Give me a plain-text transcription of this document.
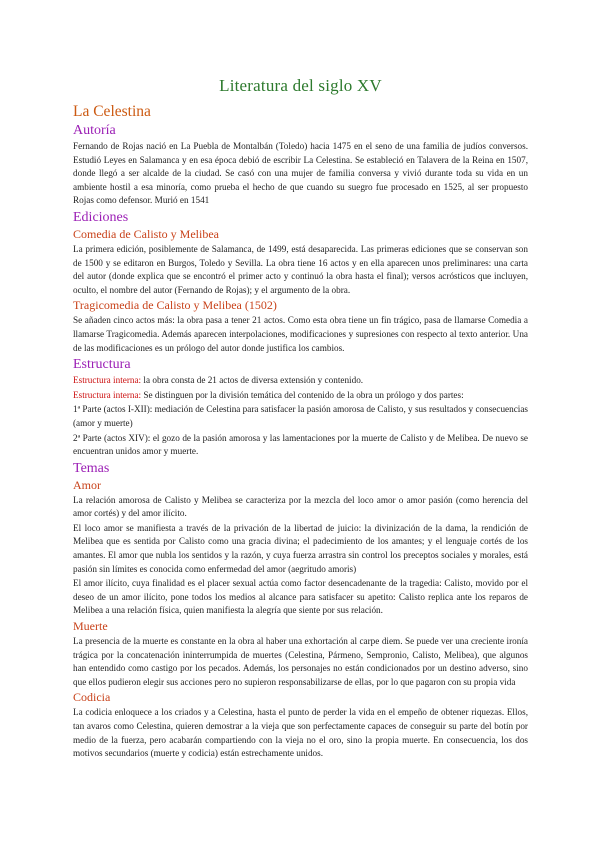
Literatura del siglo XV
La Celestina
Autoría

Fernando de Rojas nació en La Puebla de Montalbán (Toledo) hacia 1475 en el seno de una familia de judíos conversos. Estudió Leyes en Salamanca y en esa época debió de escribir La Celestina. Se estableció en Talavera de la Reina en 1507, donde llegó a ser alcalde de la ciudad. Se casó con una mujer de familia conversa y vivió durante toda su vida en un ambiente hostil a esa minoría, como prueba el hecho de que cuando su suegro fue procesado en 1525, al ser propuesto Rojas como defensor. Murió en 1541

Ediciones
Comedia de Calisto y Melibea

La primera edición, posiblemente de Salamanca, de 1499, está desaparecida. Las primeras ediciones que se conservan son de 1500 y se editaron en Burgos, Toledo y Sevilla. La obra tiene 16 actos y en ella aparecen unos preliminares: una carta del autor (donde explica que se encontró el primer acto y continuó la obra hasta el final); versos acrósticos que incluyen, oculto, el nombre del autor (Fernando de Rojas); y el argumento de la obra.

Tragicomedia de Calisto y Melibea (1502)

Se añaden cinco actos más: la obra pasa a tener 21 actos. Como esta obra tiene un fin trágico, pasa de llamarse Comedia a llamarse Tragicomedia. Además aparecen interpolaciones, modificaciones y supresiones con respecto al texto anterior. Una de las modificaciones es un prólogo del autor donde justifica los cambios.

Estructura

Estructura interna: la obra consta de 21 actos de diversa extensión y contenido.

Estructura interna: Se distinguen por la división temática del contenido de la obra un prólogo y dos partes:

1ª Parte (actos I-XII): mediación de Celestina para satisfacer la pasión amorosa de Calisto, y sus resultados y consecuencias (amor y muerte)

2ª Parte (actos XIV): el gozo de la pasión amorosa y las lamentaciones por la muerte de Calisto y de Melibea. De nuevo se encuentran unidos amor y muerte.

Temas
Amor

La relación amorosa de Calisto y Melibea se caracteriza por la mezcla del loco amor o amor pasión (como herencia del amor cortés) y del amor ilícito.

El loco amor se manifiesta a través de la privación de la libertad de juicio: la divinización de la dama, la rendición de Melibea que es sentida por Calisto como una gracia divina; el padecimiento de los amantes; y el lenguaje cortés de los amantes. El amor que nubla los sentidos y la razón, y cuya fuerza arrastra sin control los preceptos sociales y morales, está pasión sin límites es conocida como enfermedad del amor (aegritudo amoris)

El amor ilícito, cuya finalidad es el placer sexual actúa como factor desencadenante de la tragedia: Calisto, movido por el deseo de un amor ilícito, pone todos los medios al alcance para satisfacer su apetito: Calisto replica ante los reparos de Melibea a una relación física, quien manifiesta la alegría que siente por sus relación.

Muerte

La presencia de la muerte es constante en la obra al haber una exhortación al carpe diem. Se puede ver una creciente ironía trágica por la concatenación ininterrumpida de muertes (Celestina, Pármeno, Sempronio, Calisto, Melibea), que algunos han entendido como castigo por los pecados. Además, los personajes no están condicionados por un destino adverso, sino que ellos pudieron elegir sus acciones pero no supieron responsabilizarse de ellas, por lo que pagaron con su propia vida

Codicia

La codicia enloquece a los criados y a Celestina, hasta el punto de perder la vida en el empeño de obtener riquezas. Ellos, tan avaros como Celestina, quieren demostrar a la vieja que son perfectamente capaces de conseguir su parte del botín por medio de la fuerza, pero acabarán compartiendo con la vieja no el oro, sino la propia muerte. En consecuencia, los dos motivos secundarios (muerte y codicia) están estrechamente unidos.
